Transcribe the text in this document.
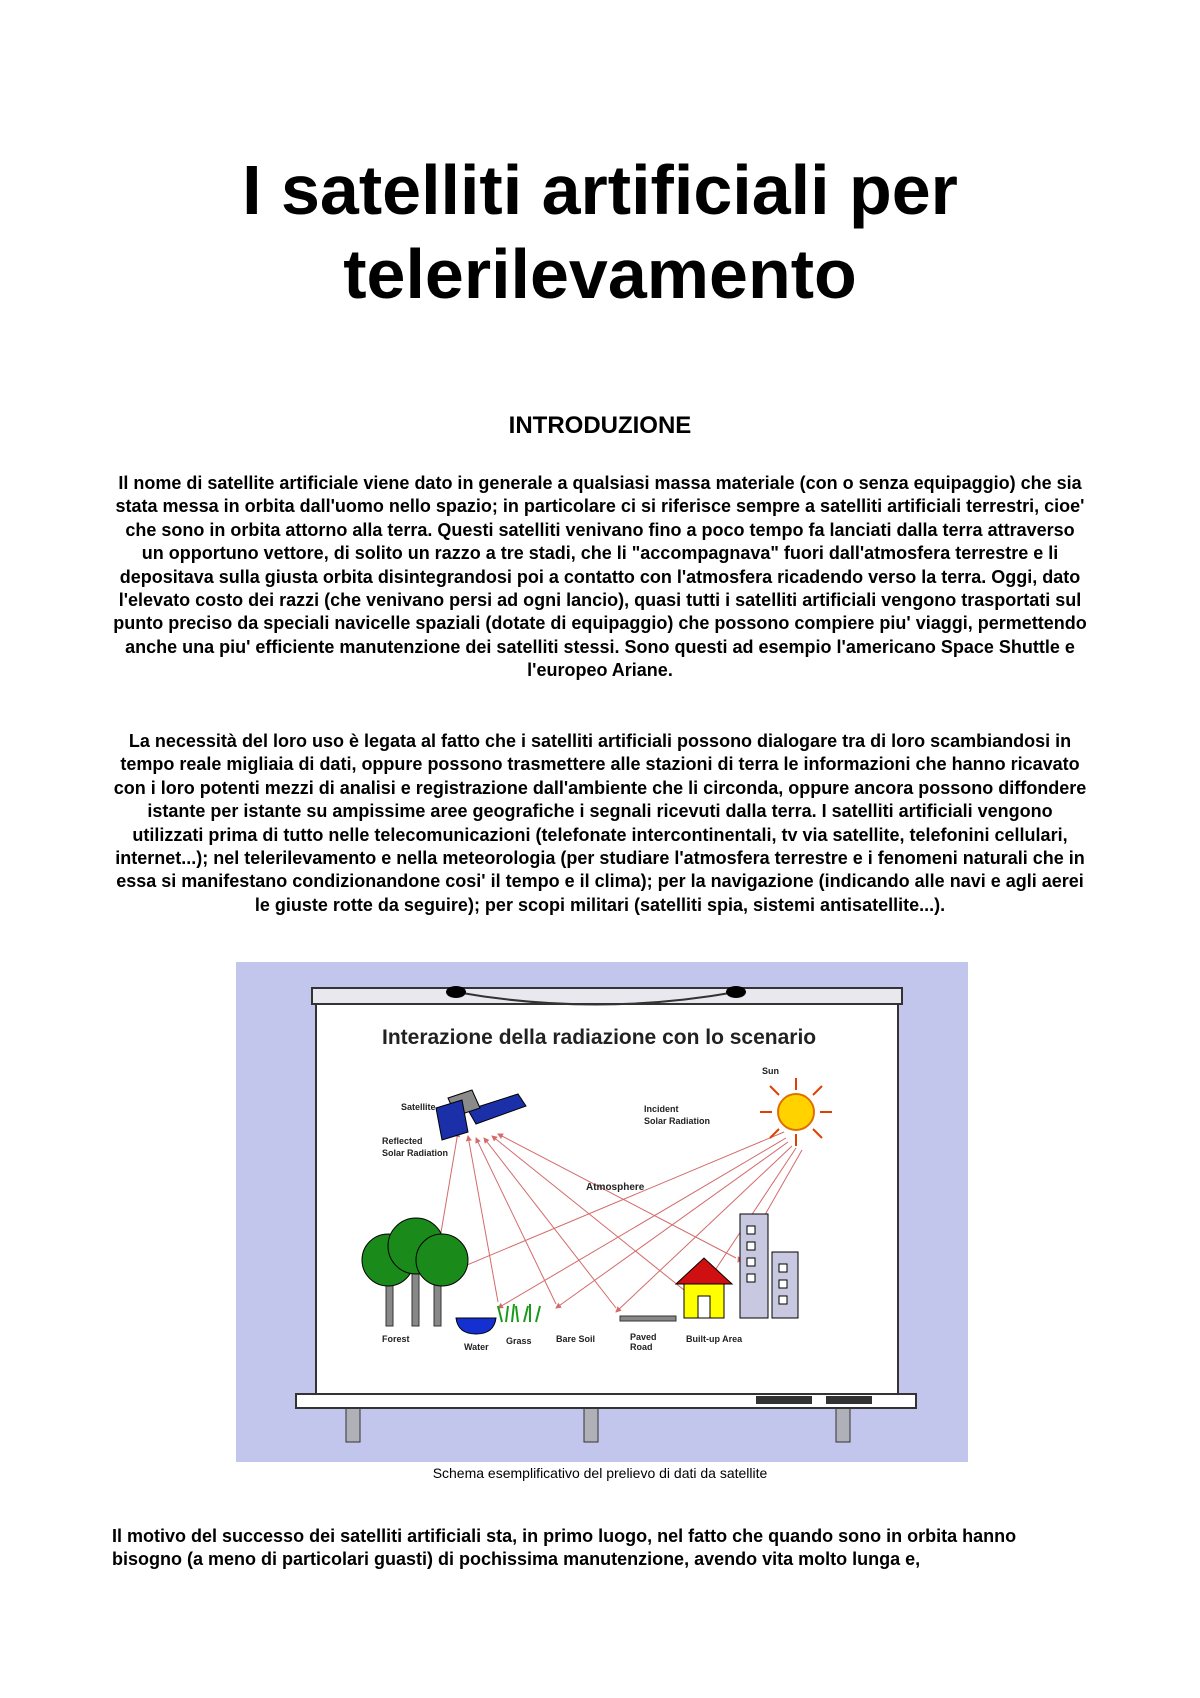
I satelliti artificiali per
telerilevamento
INTRODUZIONE

Il nome di satellite artificiale viene dato in generale a qualsiasi massa materiale (con o senza equipaggio) che sia stata messa in orbita dall'uomo nello spazio; in particolare ci si riferisce sempre a satelliti artificiali terrestri, cioe' che sono in orbita attorno alla terra. Questi satelliti venivano fino a poco tempo fa lanciati dalla terra attraverso un opportuno vettore, di solito un razzo a tre stadi, che li "accompagnava" fuori dall'atmosfera terrestre e li depositava sulla giusta orbita disintegrandosi poi a contatto con l'atmosfera ricadendo verso la terra. Oggi, dato l'elevato costo dei razzi (che venivano persi ad ogni lancio), quasi tutti i satelliti artificiali vengono trasportati sul punto preciso da speciali navicelle spaziali (dotate di equipaggio) che possono compiere piu' viaggi, permettendo anche una piu' efficiente manutenzione dei satelliti stessi. Sono questi ad esempio l'americano Space Shuttle e l'europeo Ariane.

La necessità del loro uso è legata al fatto che i satelliti artificiali possono dialogare tra di loro scambiandosi in tempo reale migliaia di dati, oppure possono trasmettere alle stazioni di terra le informazioni che hanno ricavato con i loro potenti mezzi di analisi e registrazione dall'ambiente che li circonda, oppure ancora possono diffondere istante per istante su ampissime aree geografiche i segnali ricevuti dalla terra. I satelliti artificiali vengono utilizzati prima di tutto nelle telecomunicazioni (telefonate intercontinentali, tv via satellite, telefonini cellulari, internet...); nel telerilevamento e nella meteorologia (per studiare l'atmosfera terrestre e i fenomeni naturali che in essa si manifestano condizionandone cosi' il tempo e il clima); per la navigazione (indicando alle navi e agli aerei le giuste rotte da seguire); per scopi militari (satelliti spia, sistemi antisatellite...).

Interazione della radiazione con lo scenario
Satellite
Sun
Incident
Solar Radiation
Reflected
Solar Radiation
Atmosphere
Forest
Water
Grass	Bare Soil	Paved
Road
Built-up Area

Schema esemplificativo del prelievo di dati da satellite

Il motivo del successo dei satelliti artificiali sta, in primo luogo, nel fatto che quando sono in orbita hanno bisogno (a meno di particolari guasti) di pochissima manutenzione, avendo vita molto lunga e,
